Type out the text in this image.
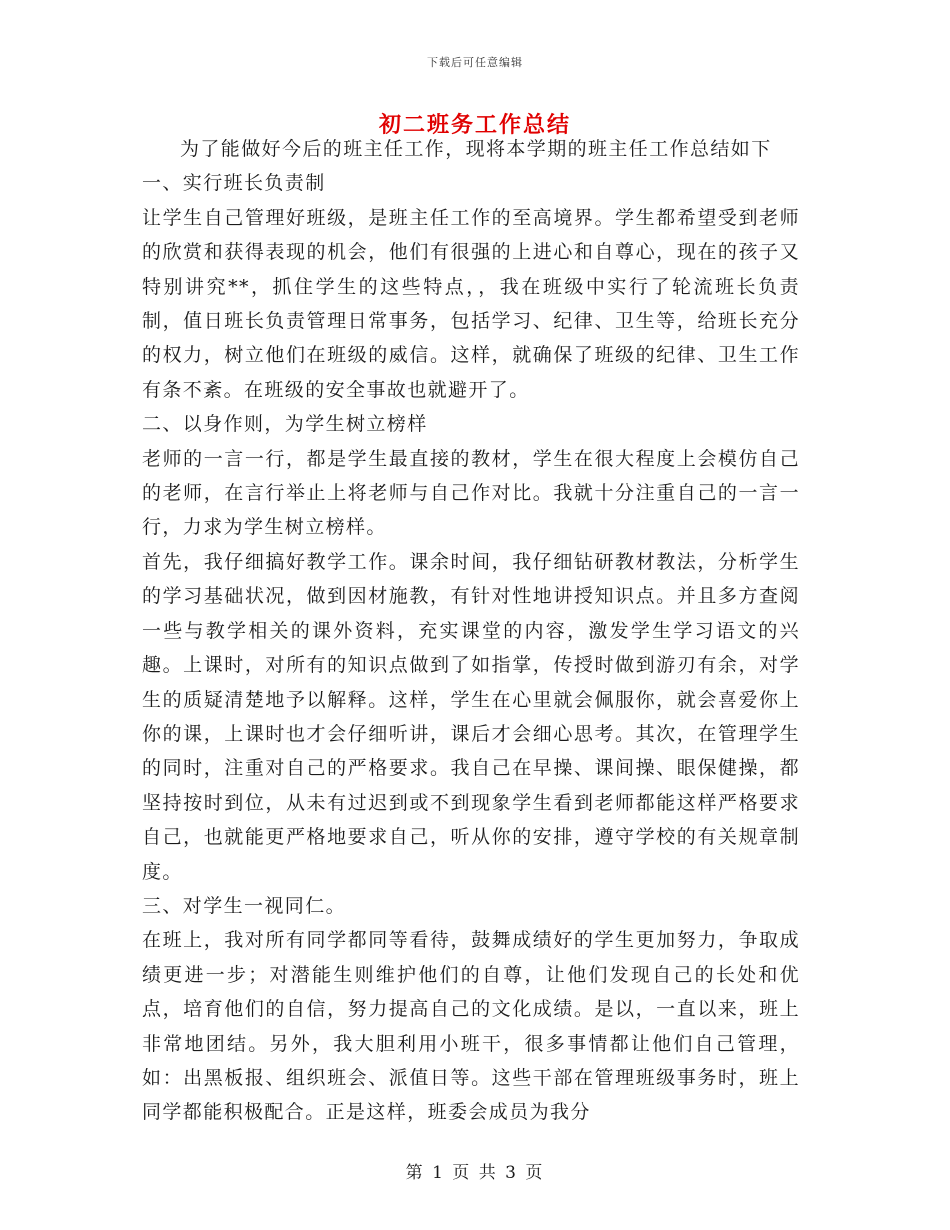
下载后可任意编辑
初二班务工作总结

为了能做好今后的班主任工作，现将本学期的班主任工作总结如下

一、实行班长负责制

让学生自己管理好班级，是班主任工作的至高境界。学生都希望受到老师的欣赏和获得表现的机会，他们有很强的上进心和自尊心，现在的孩子又特别讲究**，抓住学生的这些特点，，我在班级中实行了轮流班长负责制，值日班长负责管理日常事务，包括学习、纪律、卫生等，给班长充分的权力，树立他们在班级的威信。这样，就确保了班级的纪律、卫生工作有条不紊。在班级的安全事故也就避开了。

二、以身作则，为学生树立榜样

老师的一言一行，都是学生最直接的教材，学生在很大程度上会模仿自己的老师，在言行举止上将老师与自己作对比。我就十分注重自己的一言一行，力求为学生树立榜样。

首先，我仔细搞好教学工作。课余时间，我仔细钻研教材教法，分析学生的学习基础状况，做到因材施教，有针对性地讲授知识点。并且多方查阅一些与教学相关的课外资料，充实课堂的内容，激发学生学习语文的兴趣。上课时，对所有的知识点做到了如指掌，传授时做到游刃有余，对学生的质疑清楚地予以解释。这样，学生在心里就会佩服你，就会喜爱你上你的课，上课时也才会仔细听讲，课后才会细心思考。其次，在管理学生的同时，注重对自己的严格要求。我自己在早操、课间操、眼保健操，都坚持按时到位，从未有过迟到或不到现象学生看到老师都能这样严格要求自己，也就能更严格地要求自己，听从你的安排，遵守学校的有关规章制度。

三、对学生一视同仁。

在班上，我对所有同学都同等看待，鼓舞成绩好的学生更加努力，争取成绩更进一步；对潜能生则维护他们的自尊，让他们发现自己的长处和优点，培育他们的自信，努力提高自己的文化成绩。是以，一直以来，班上非常地团结。另外，我大胆利用小班干，很多事情都让他们自己管理，如：出黑板报、组织班会、派值日等。这些干部在管理班级事务时，班上同学都能积极配合。正是这样，班委会成员为我分

第 1 页 共 3 页
